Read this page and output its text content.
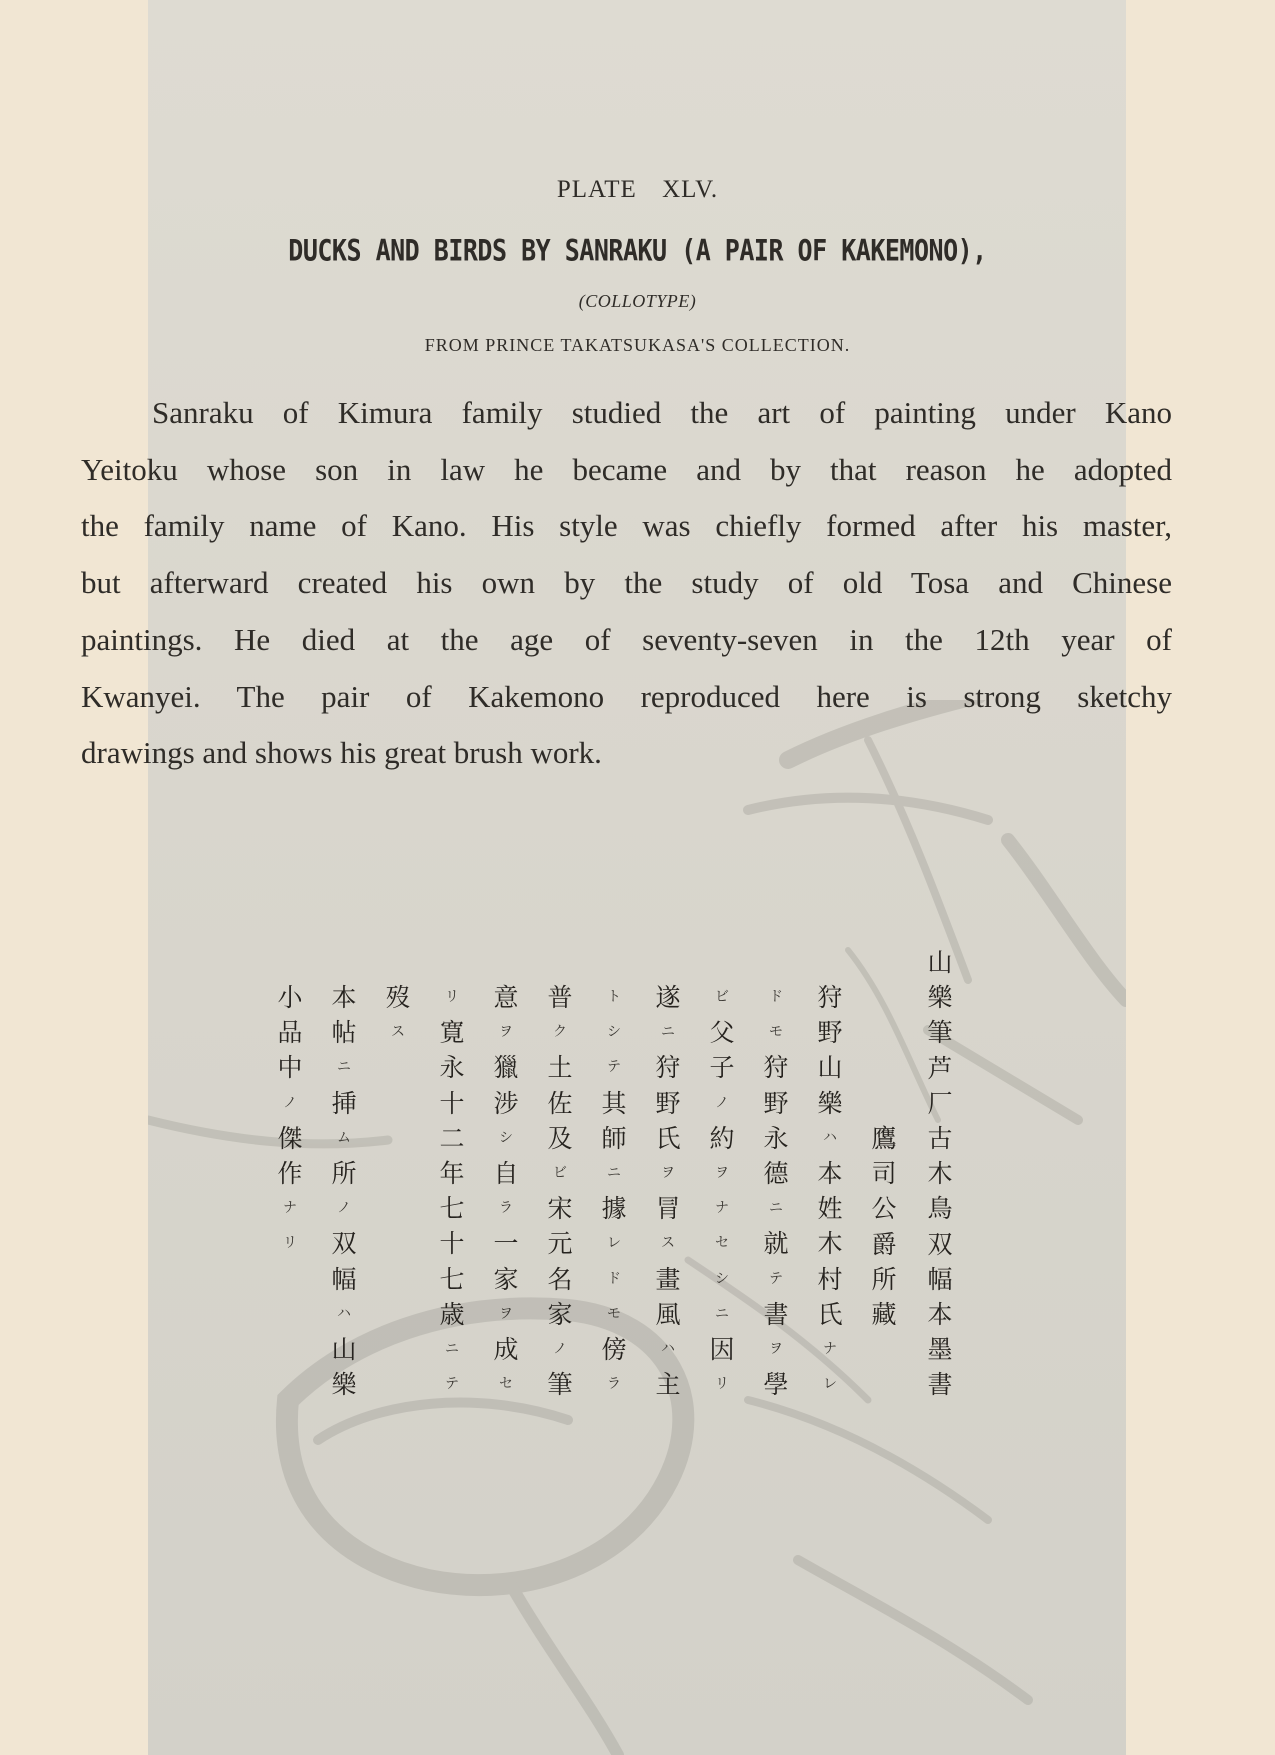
PLATE XLV.
DUCKS AND BIRDS BY SANRAKU (A PAIR OF KAKEMONO),
(COLLOTYPE)
FROM PRINCE TAKATSUKASA'S COLLECTION.

Sanraku of Kimura family studied the art of painting under Kano
Yeitoku whose son in law he became and by that reason he adopted
the family name of Kano. His style was chiefly formed after his master,
but afterward created his own by the study of old Tosa and Chinese
paintings. He died at the age of seventy-seven in the 12th year of
Kwanyei. The pair of Kakemono reproduced here is strong sketchy
drawings and shows his great brush work.

山
樂
筆
芦
厂
古
木
鳥
双
幅
本
墨
書
鷹
司
公
爵
所
藏
狩
野
山
樂
ハ
本
姓
木
村
氏
ナ
レ
ド
モ
狩
野
永
德
ニ
就
テ
書
ヲ
學
ビ
父
子
ノ
約
ヲ
ナ
セ
シ
ニ
因
リ
遂
ニ
狩
野
氏
ヲ
冐
ス
畫
風
ハ
主
ト
シ
テ
其
師
ニ
據
レ
ド
モ
傍
ラ
普
ク
土
佐
及
ビ
宋
元
名
家
ノ
筆
意
ヲ
獵
涉
シ
自
ラ
一
家
ヲ
成
セ
リ
寛
永
十
二
年
七
十
七
歳
ニ
テ
歿
ス
本
帖
ニ
挿
ム
所
ノ
双
幅
ハ
山
樂
小
品
中
ノ
傑
作
ナ
リ
